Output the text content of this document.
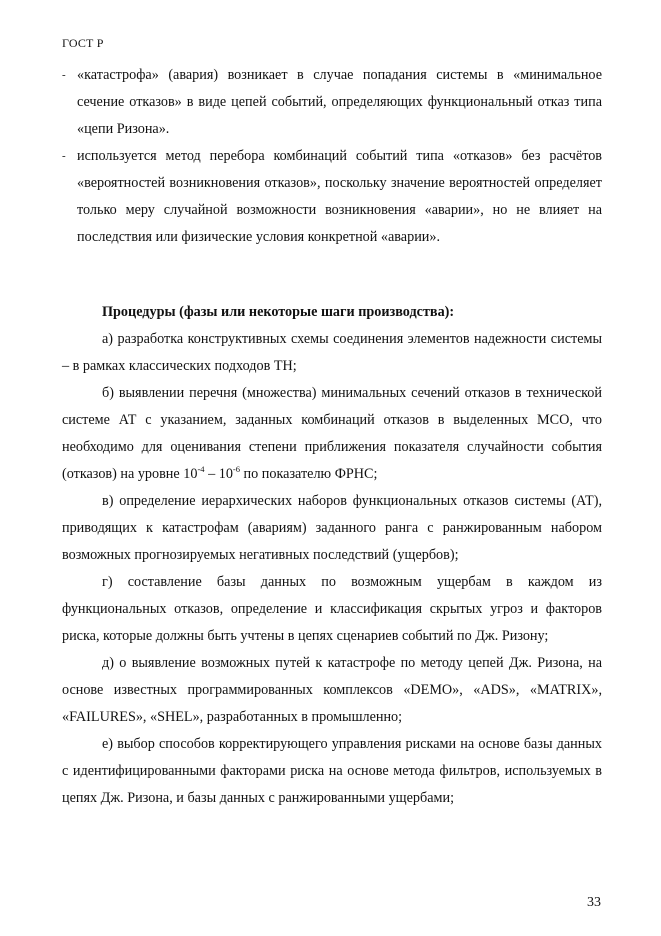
ГОСТ Р

‑ «катастрофа» (авария) возникает в случае попадания системы в «минимальное сечение отказов» в виде цепей событий, определяющих функциональный отказ типа «цепи Ризона».

‑ используется метод перебора комбинаций событий типа «отказов» без расчётов «вероятностей возникновения отказов», поскольку значение вероятностей определяет только меру случайной возможности возникновения «аварии», но не влияет на последствия или физические условия конкретной «аварии».

Процедуры (фазы или некоторые шаги производства):

а) разработка конструктивных схемы соединения элементов надежности системы – в рамках классических подходов ТН;

б) выявлении перечня (множества) минимальных сечений отказов в технической системе АТ с указанием, заданных комбинаций отказов в выделенных МСО, что необходимо для оценивания степени приближения показателя случайности события (отказов) на уровне $10^{-4} - 10^{-6}$ по показателю ФРНС;

в) определение иерархических наборов функциональных отказов системы (АТ), приводящих к катастрофам (авариям) заданного ранга с ранжированным набором возможных прогнозируемых негативных последствий (ущербов);

г) составление базы данных по возможным ущербам в каждом из функциональных отказов, определение и классификация скрытых угроз и факторов риска, которые должны быть учтены в цепях сценариев событий по Дж. Ризону;

д) о выявление возможных путей к катастрофе по методу цепей Дж. Ризона, на основе известных программированных комплексов «DEMO», «ADS», «MATRIX», «FAILURES», «SHEL», разработанных в промышленно;

е) выбор способов корректирующего управления рисками на основе базы данных с идентифицированными факторами риска на основе метода фильтров, используемых в цепях Дж. Ризона, и базы данных с ранжированными ущербами;

33
